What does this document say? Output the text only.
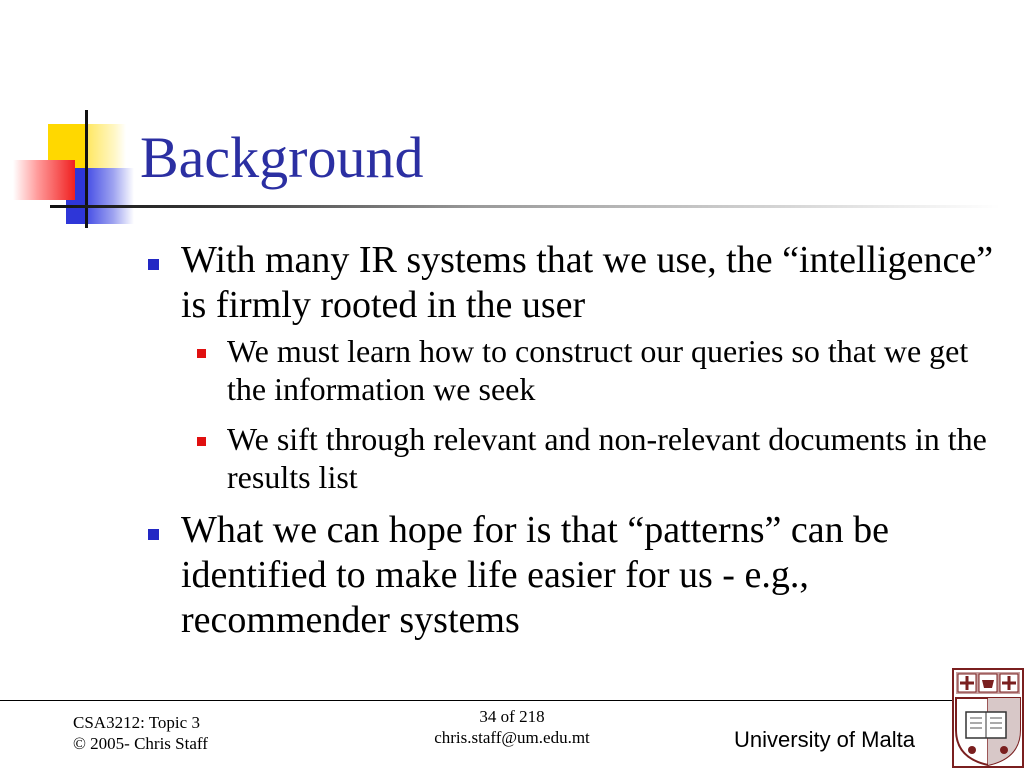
Background
With many IR systems that we use, the “intelligence” is firmly rooted in the user
We must learn how to construct our queries so that we get the information we seek
We sift through relevant and non-relevant documents in the results list
What we can hope for is that “patterns” can be identified to make life easier for us - e.g., recommender systems
CSA3212: Topic 3
© 2005- Chris Staff
34 of 218
chris.staff@um.edu.mt	University of Malta
